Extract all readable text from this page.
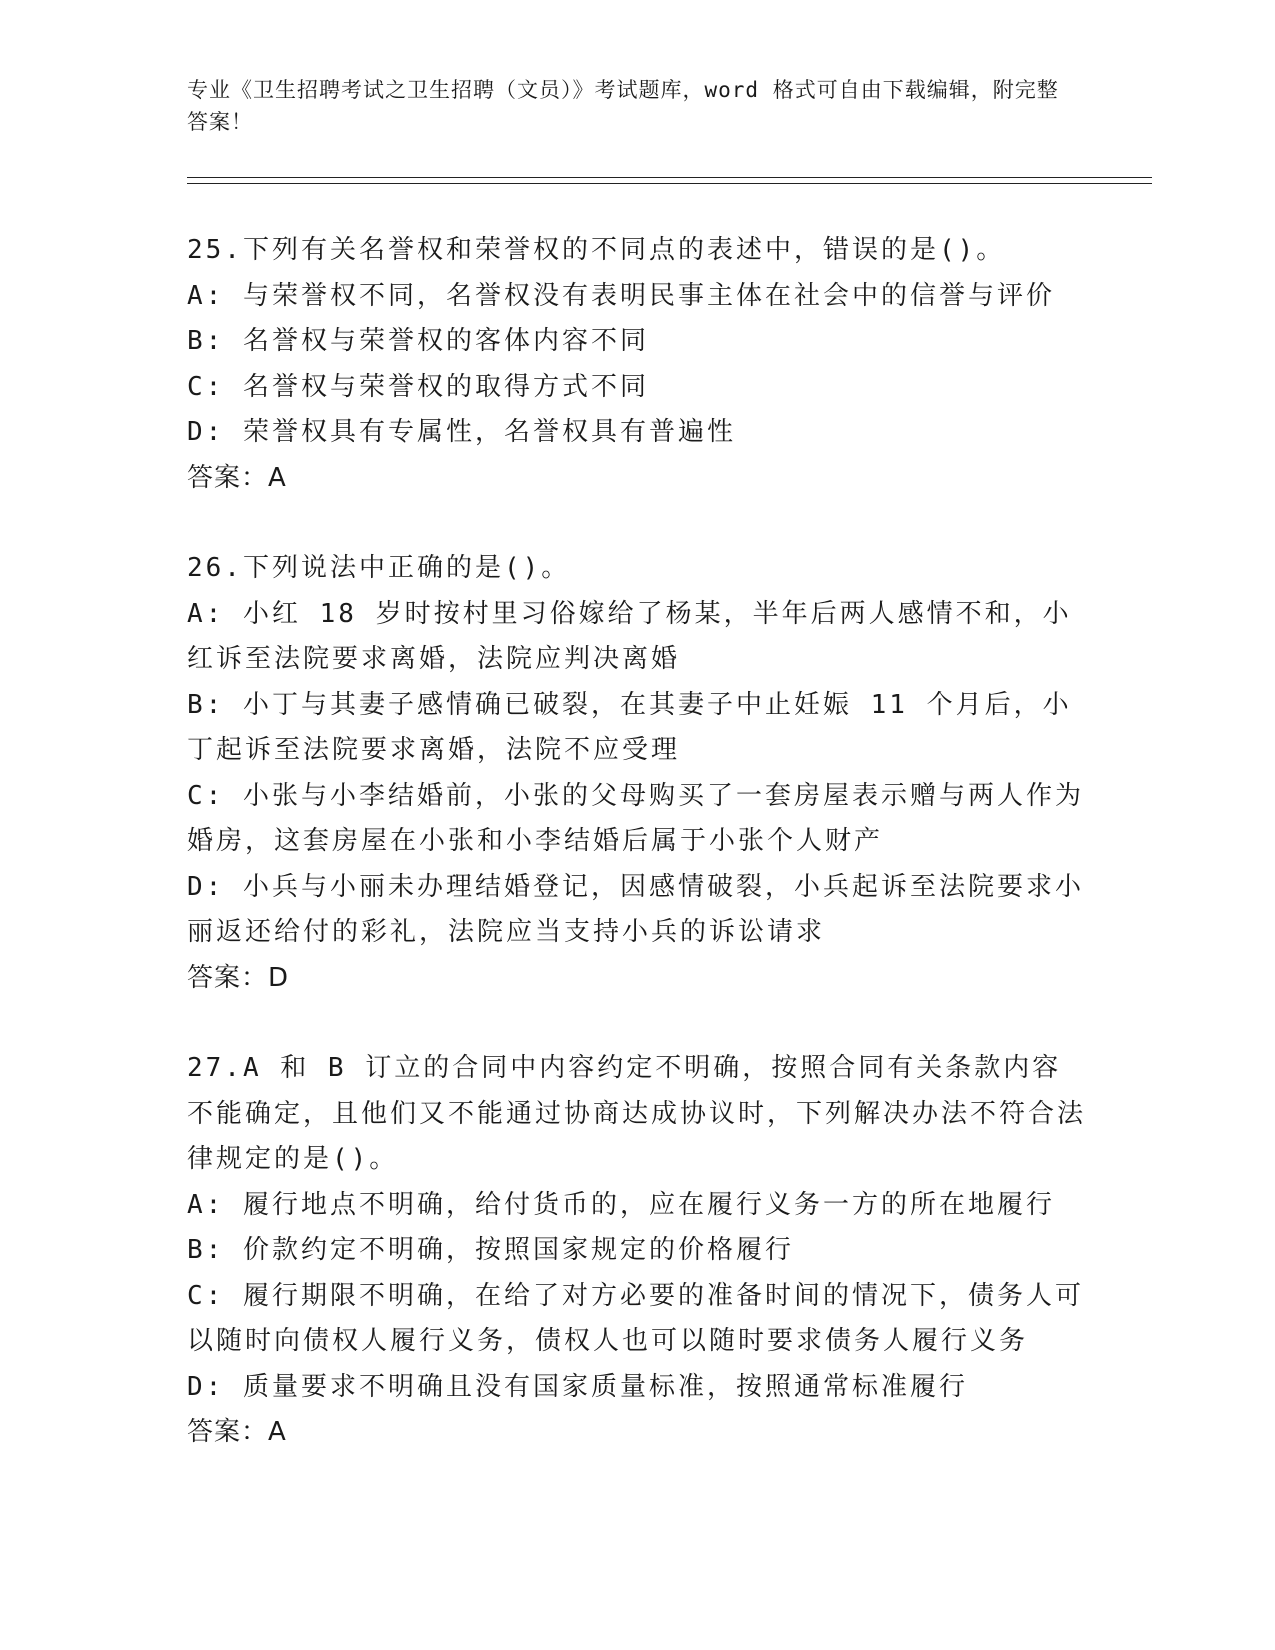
专业《卫生招聘考试之卫生招聘（文员）》考试题库，word 格式可自由下载编辑，附完整答案！
25.下列有关名誉权和荣誉权的不同点的表述中，错误的是()。
A: 与荣誉权不同，名誉权没有表明民事主体在社会中的信誉与评价
B: 名誉权与荣誉权的客体内容不同
C: 名誉权与荣誉权的取得方式不同
D: 荣誉权具有专属性，名誉权具有普遍性
答案：A
26.下列说法中正确的是()。
A: 小红 18 岁时按村里习俗嫁给了杨某，半年后两人感情不和，小红诉至法院要求离婚，法院应判决离婚
B: 小丁与其妻子感情确已破裂，在其妻子中止妊娠 11 个月后，小丁起诉至法院要求离婚，法院不应受理
C: 小张与小李结婚前，小张的父母购买了一套房屋表示赠与两人作为婚房，这套房屋在小张和小李结婚后属于小张个人财产
D: 小兵与小丽未办理结婚登记，因感情破裂，小兵起诉至法院要求小丽返还给付的彩礼，法院应当支持小兵的诉讼请求
答案：D
27.A 和 B 订立的合同中内容约定不明确，按照合同有关条款内容不能确定，且他们又不能通过协商达成协议时，下列解决办法不符合法律规定的是()。
A: 履行地点不明确，给付货币的，应在履行义务一方的所在地履行
B: 价款约定不明确，按照国家规定的价格履行
C: 履行期限不明确，在给了对方必要的准备时间的情况下，债务人可以随时向债权人履行义务，债权人也可以随时要求债务人履行义务
D: 质量要求不明确且没有国家质量标准，按照通常标准履行
答案：A
